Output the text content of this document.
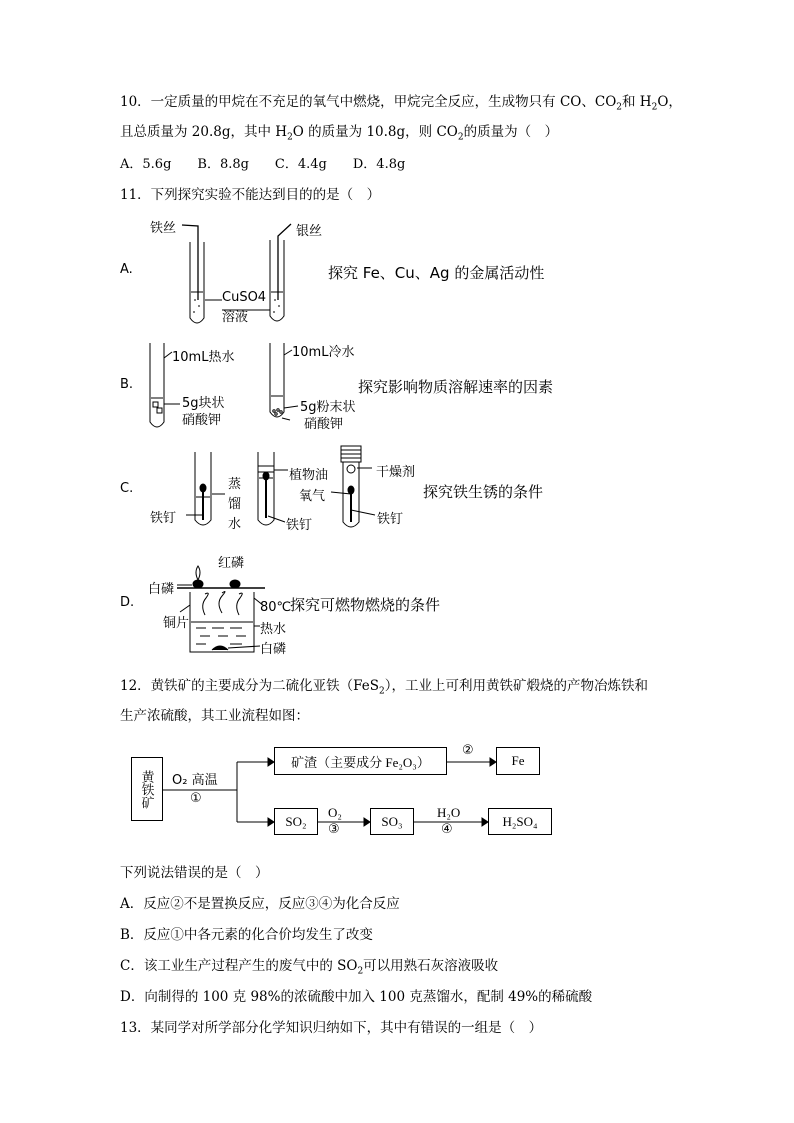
10．一定质量的甲烷在不充足的氧气中燃烧，甲烷完全反应，生成物只有 CO、$CO_2$和 $H_2O$，
且总质量为 20.8g，其中 $H_2O$ 的质量为 10.8g，则 $CO_2$的质量为（　）
A．5.6g　　B．8.8g　　C．4.4g　　D．4.8g
11．下列探究实验不能达到目的的是（　）
A.
铁丝	银丝
CuSO4
溶液
探究 Fe、Cu、Ag 的金属活动性
B.
10mL热水	10mL冷水
5g块状
硝酸钾
5g粉末状
硝酸钾
探究影响物质溶解速率的因素
C.	蒸
馏
水
植物油
氧气
干燥剂
铁钉	铁钉	铁钉
探究铁生锈的条件
D.
红磷
白磷
铜片
80℃
热水
白磷
探究可燃物燃烧的条件
12．黄铁矿的主要成分为二硫化亚铁（FeS$_2$），工业上可利用黄铁矿煅烧的产物冶炼铁和
生产浓硫酸，其工业流程如图：
黄铁矿	O₂ 高温
①
矿渣（主要成分 Fe₂O₃）
②
Fe
SO₂
O₂
③
SO₃
H₂O
④
H₂SO₄
下列说法错误的是（　）
A．反应②不是置换反应，反应③④为化合反应
B．反应①中各元素的化合价均发生了改变
C．该工业生产过程产生的废气中的 $SO_2$可以用熟石灰溶液吸收
D．向制得的 100 克 98%的浓硫酸中加入 100 克蒸馏水，配制 49%的稀硫酸
13．某同学对所学部分化学知识归纳如下，其中有错误的一组是（　）
